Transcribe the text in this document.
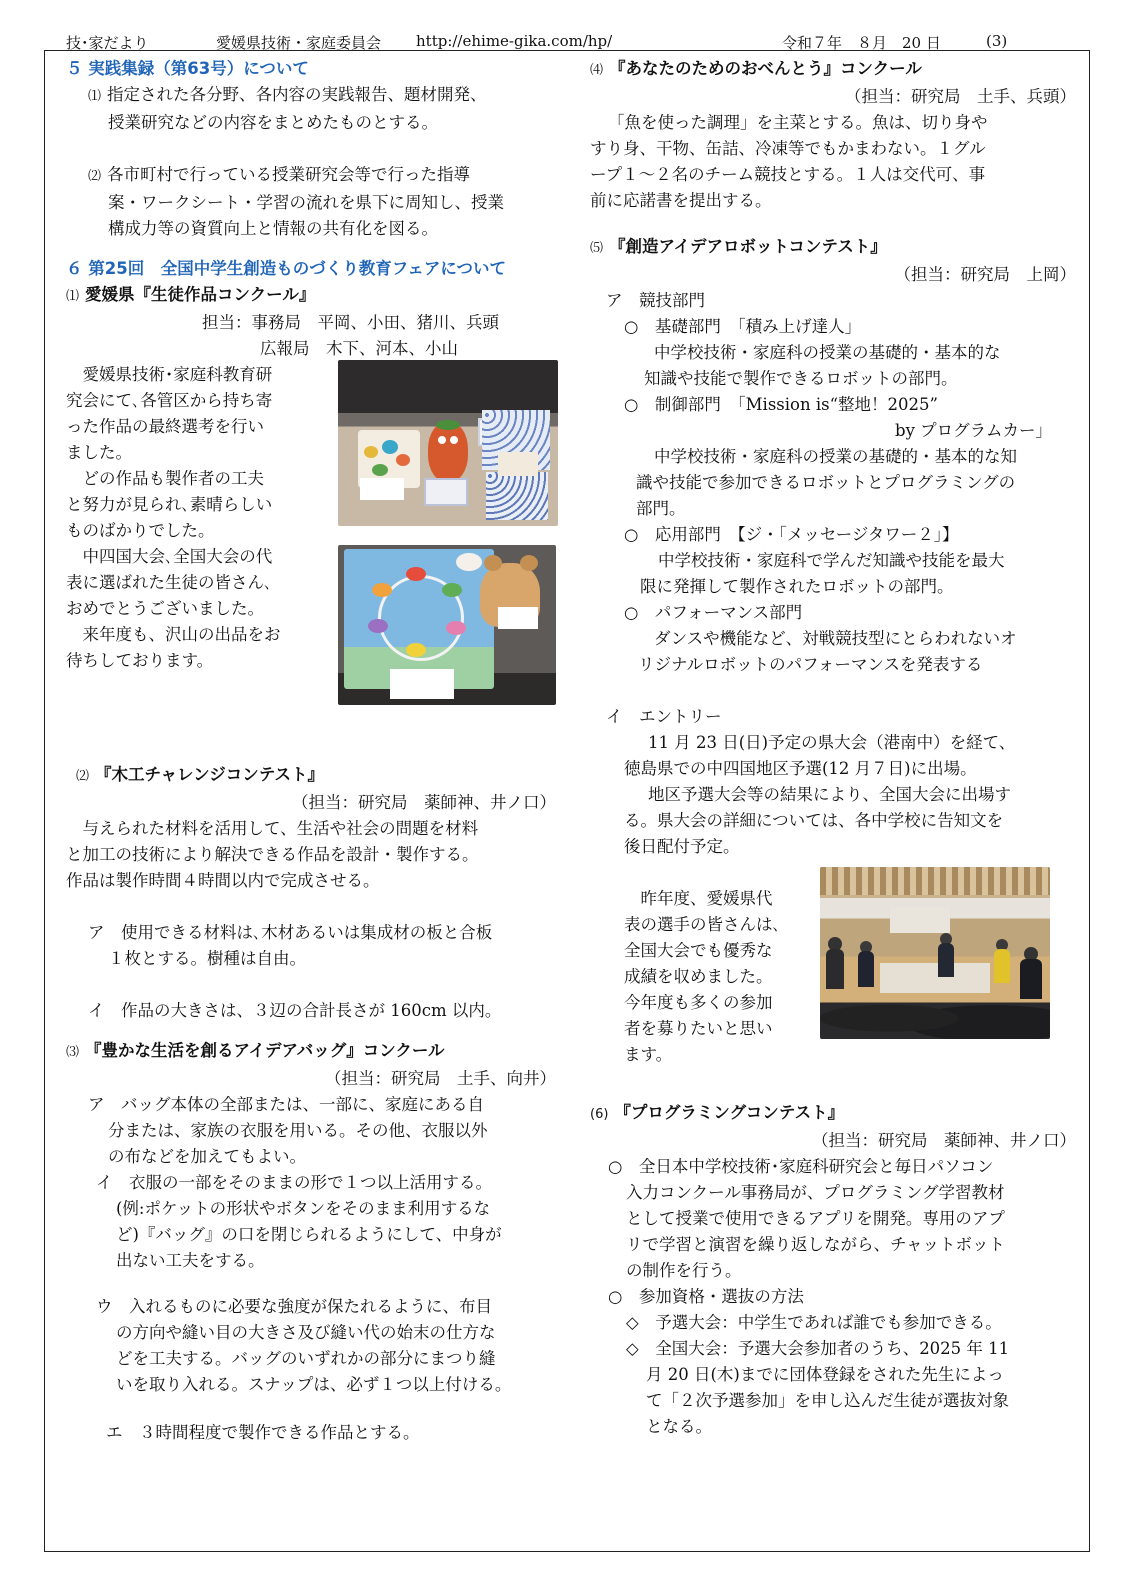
技･家だより	愛媛県技術・家庭委員会 http://ehime-gika.com/hp/	令和７年　８月　20 日	(3)
５ 実践集録（第63号）について
⑴ 指定された各分野、各内容の実践報告、題材開発、
授業研究などの内容をまとめたものとする。
⑵ 各市町村で行っている授業研究会等で行った指導
案・ワークシート・学習の流れを県下に周知し、授業
構成力等の資質向上と情報の共有化を図る。
６ 第25回　全国中学生創造ものづくり教育フェアについて
⑴ 愛媛県『生徒作品コンクール』
担当：事務局　平岡、小田、猪川、兵頭
広報局　木下、河本、小山
　愛媛県技術･家庭科教育研
究会にて､各管区から持ち寄
った作品の最終選考を行い
ました。
　どの作品も製作者の工夫
と努力が見られ､素晴らしい
ものばかりでした。
　中四国大会､全国大会の代
表に選ばれた生徒の皆さん､
おめでとうございました。
　来年度も、沢山の出品をお
待ちしております。
⑵ 『木工チャレンジコンテスト』
（担当：研究局　薬師神、井ノ口）
　与えられた材料を活用して、生活や社会の問題を材料
と加工の技術により解決できる作品を設計・製作する。
作品は製作時間４時間以内で完成させる。
ア　使用できる材料は､木材あるいは集成材の板と合板
１枚とする。樹種は自由。
イ　作品の大きさは、３辺の合計長さが 160cm 以内。
⑶ 『豊かな生活を創るアイデアバッグ』コンクール
（担当：研究局　土手、向井）
ア　バッグ本体の全部または、一部に、家庭にある自
分または、家族の衣服を用いる。その他、衣服以外
の布などを加えてもよい。
イ　衣服の一部をそのままの形で１つ以上活用する。
(例:ポケットの形状やボタンをそのまま利用するな
ど)『バッグ』の口を閉じられるようにして、中身が
出ない工夫をする。
ウ　入れるものに必要な強度が保たれるように、布目
の方向や縫い目の大きさ及び縫い代の始末の仕方な
どを工夫する。バッグのいずれかの部分にまつり縫
いを取り入れる。スナップは、必ず１つ以上付ける。
エ　３時間程度で製作できる作品とする。
⑷ 『あなたのためのおべんとう』コンクール
（担当：研究局　土手、兵頭）
「魚を使った調理」を主菜とする。魚は、切り身や
すり身、干物、缶詰、冷凍等でもかまわない。１グル
ープ１～２名のチーム競技とする。１人は交代可、事
前に応諾書を提出する。
⑸ 『創造アイデアロボットコンテスト』
（担当：研究局　上岡）
ア　競技部門
○　基礎部門　「積み上げ達人」
中学校技術・家庭科の授業の基礎的・基本的な
知識や技能で製作できるロボットの部門。
○　制御部門　「Mission is“整地！2025”
by プログラムカー」
中学校技術・家庭科の授業の基礎的・基本的な知
識や技能で参加できるロボットとプログラミングの
部門。
○　応用部門　【ジ・「メッセージタワー２」】
中学校技術・家庭科で学んだ知識や技能を最大
限に発揮して製作されたロボットの部門。
○　パフォーマンス部門
ダンスや機能など、対戦競技型にとらわれないオ
リジナルロボットのパフォーマンスを発表する
イ　エントリー
11 月 23 日(日)予定の県大会（港南中）を経て、
徳島県での中四国地区予選(12 月７日)に出場。
地区予選大会等の結果により、全国大会に出場す
る。県大会の詳細については、各中学校に告知文を
後日配付予定。
　昨年度、愛媛県代
表の選手の皆さんは､
全国大会でも優秀な
成績を収めました。
今年度も多くの参加
者を募りたいと思い
ます。
(6) 『プログラミングコンテスト』
（担当：研究局　薬師神、井ノ口）
○　全日本中学校技術･家庭科研究会と毎日パソコン
入力コンクール事務局が、プログラミング学習教材
として授業で使用できるアプリを開発。専用のアプ
リで学習と演習を繰り返しながら、チャットボット
の制作を行う。
○　参加資格・選抜の方法
◇　予選大会：中学生であれば誰でも参加できる。
◇　全国大会：予選大会参加者のうち、2025 年 11
月 20 日(木)までに団体登録をされた先生によっ
て「２次予選参加」を申し込んだ生徒が選抜対象
となる。
